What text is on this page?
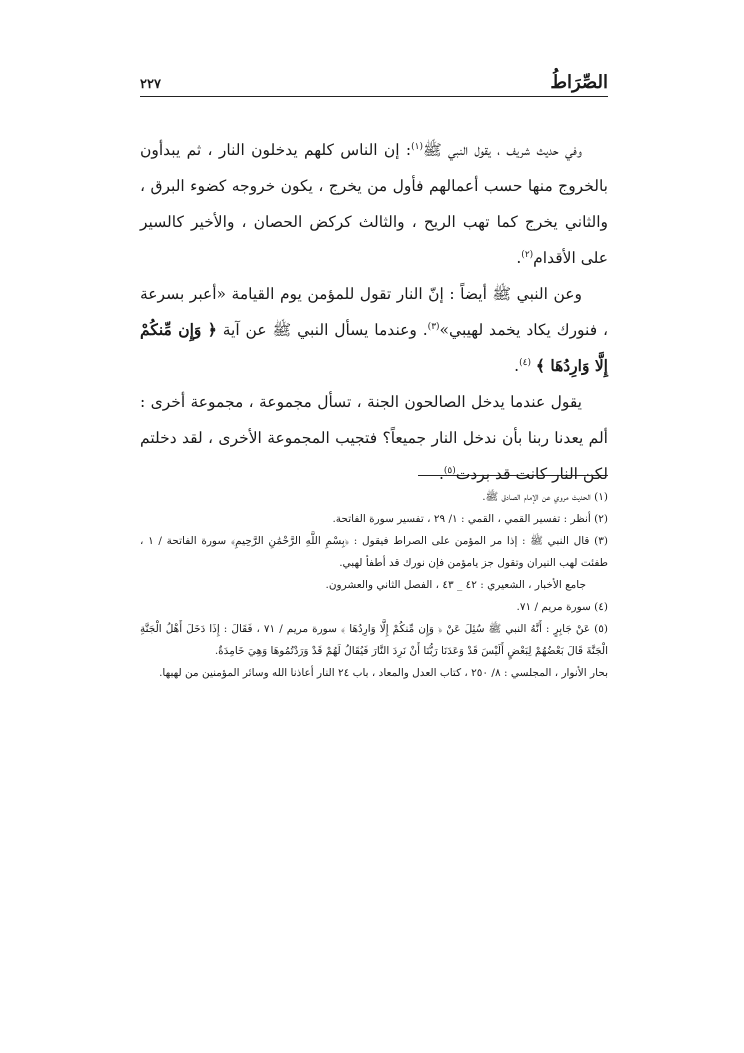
٢٢٧	الصِّرَاطُ

وفي حديث شريف ، يقول النبي ﷺ$^{(١)}$: إن الناس كلهم يدخلون النار ، ثم يبدأون بالخروج منها حسب أعمالهم فأول من يخرج ، يكون خروجه كضوء البرق ، والثاني يخرج كما تهب الريح ، والثالث كركض الحصان ، والأخير كالسير على الأقدام$^{(٢)}$.

وعن النبي ﷺ أيضاً : إنّ النار تقول للمؤمن يوم القيامة «أعبر بسرعة ، فنورك يكاد يخمد لهيبي»$^{(٣)}$. وعندما يسأل النبي ﷺ عن آية ﴿ وَإِن مِّنكُمْ إِلَّا وَارِدُهَا ﴾ $^{(٤)}$.

يقول عندما يدخل الصالحون الجنة ، تسأل مجموعة ، مجموعة أخرى : ألم يعدنا ربنا بأن ندخل النار جميعاً؟ فتجيب المجموعة الأخرى ، لقد دخلتم لكن النار كانت قد بردت$^{(٥)}$.

(١) الحديث مروي عن الإمام الصادق ﷺ.

(٢) أنظر : تفسير القمي ، القمي : ١/ ٢٩ ، تفسير سورة الفاتحة.

(٣) قال النبي ﷺ : إذا مر المؤمن على الصراط فيقول : ﴿بِسْمِ اللَّهِ الرَّحْمَٰنِ الرَّحِيمِ﴾ سورة الفاتحة / ١ ، طفئت لهب النيران وتقول جز يامؤمن فإن نورك قد أطفأ لهبي.

جامع الأخبار ، الشعيري : ٤٢ _ ٤٣ ، الفصل الثاني والعشرون.

(٤) سورة مريم / ٧١.

(٥) عَنْ جَابِرٍ : أَنَّهُ النبي ﷺ سُئِلَ عَنْ ﴿ وَإِن مِّنكُمْ إِلَّا وَارِدُهَا ﴾ سورة مريم / ٧١ ، فَقَالَ : إِذَا دَخَلَ أَهْلُ الْجَنَّةِ الْجَنَّةَ قَالَ بَعْضُهُمْ لِبَعْضٍ أَلَيْسَ قَدْ وَعَدَنَا رَبُّنَا أَنْ نَرِدَ النَّارَ فَيُقَالُ لَهُمْ قَدْ وَرَدْتُمُوهَا وَهِيَ خَامِدَةٌ.

بحار الأنوار ، المجلسي : ٨/ ٢٥٠ ، كتاب العدل والمعاد ، باب ٢٤ النار أعاذنا الله وسائر المؤمنين من لهبها.
